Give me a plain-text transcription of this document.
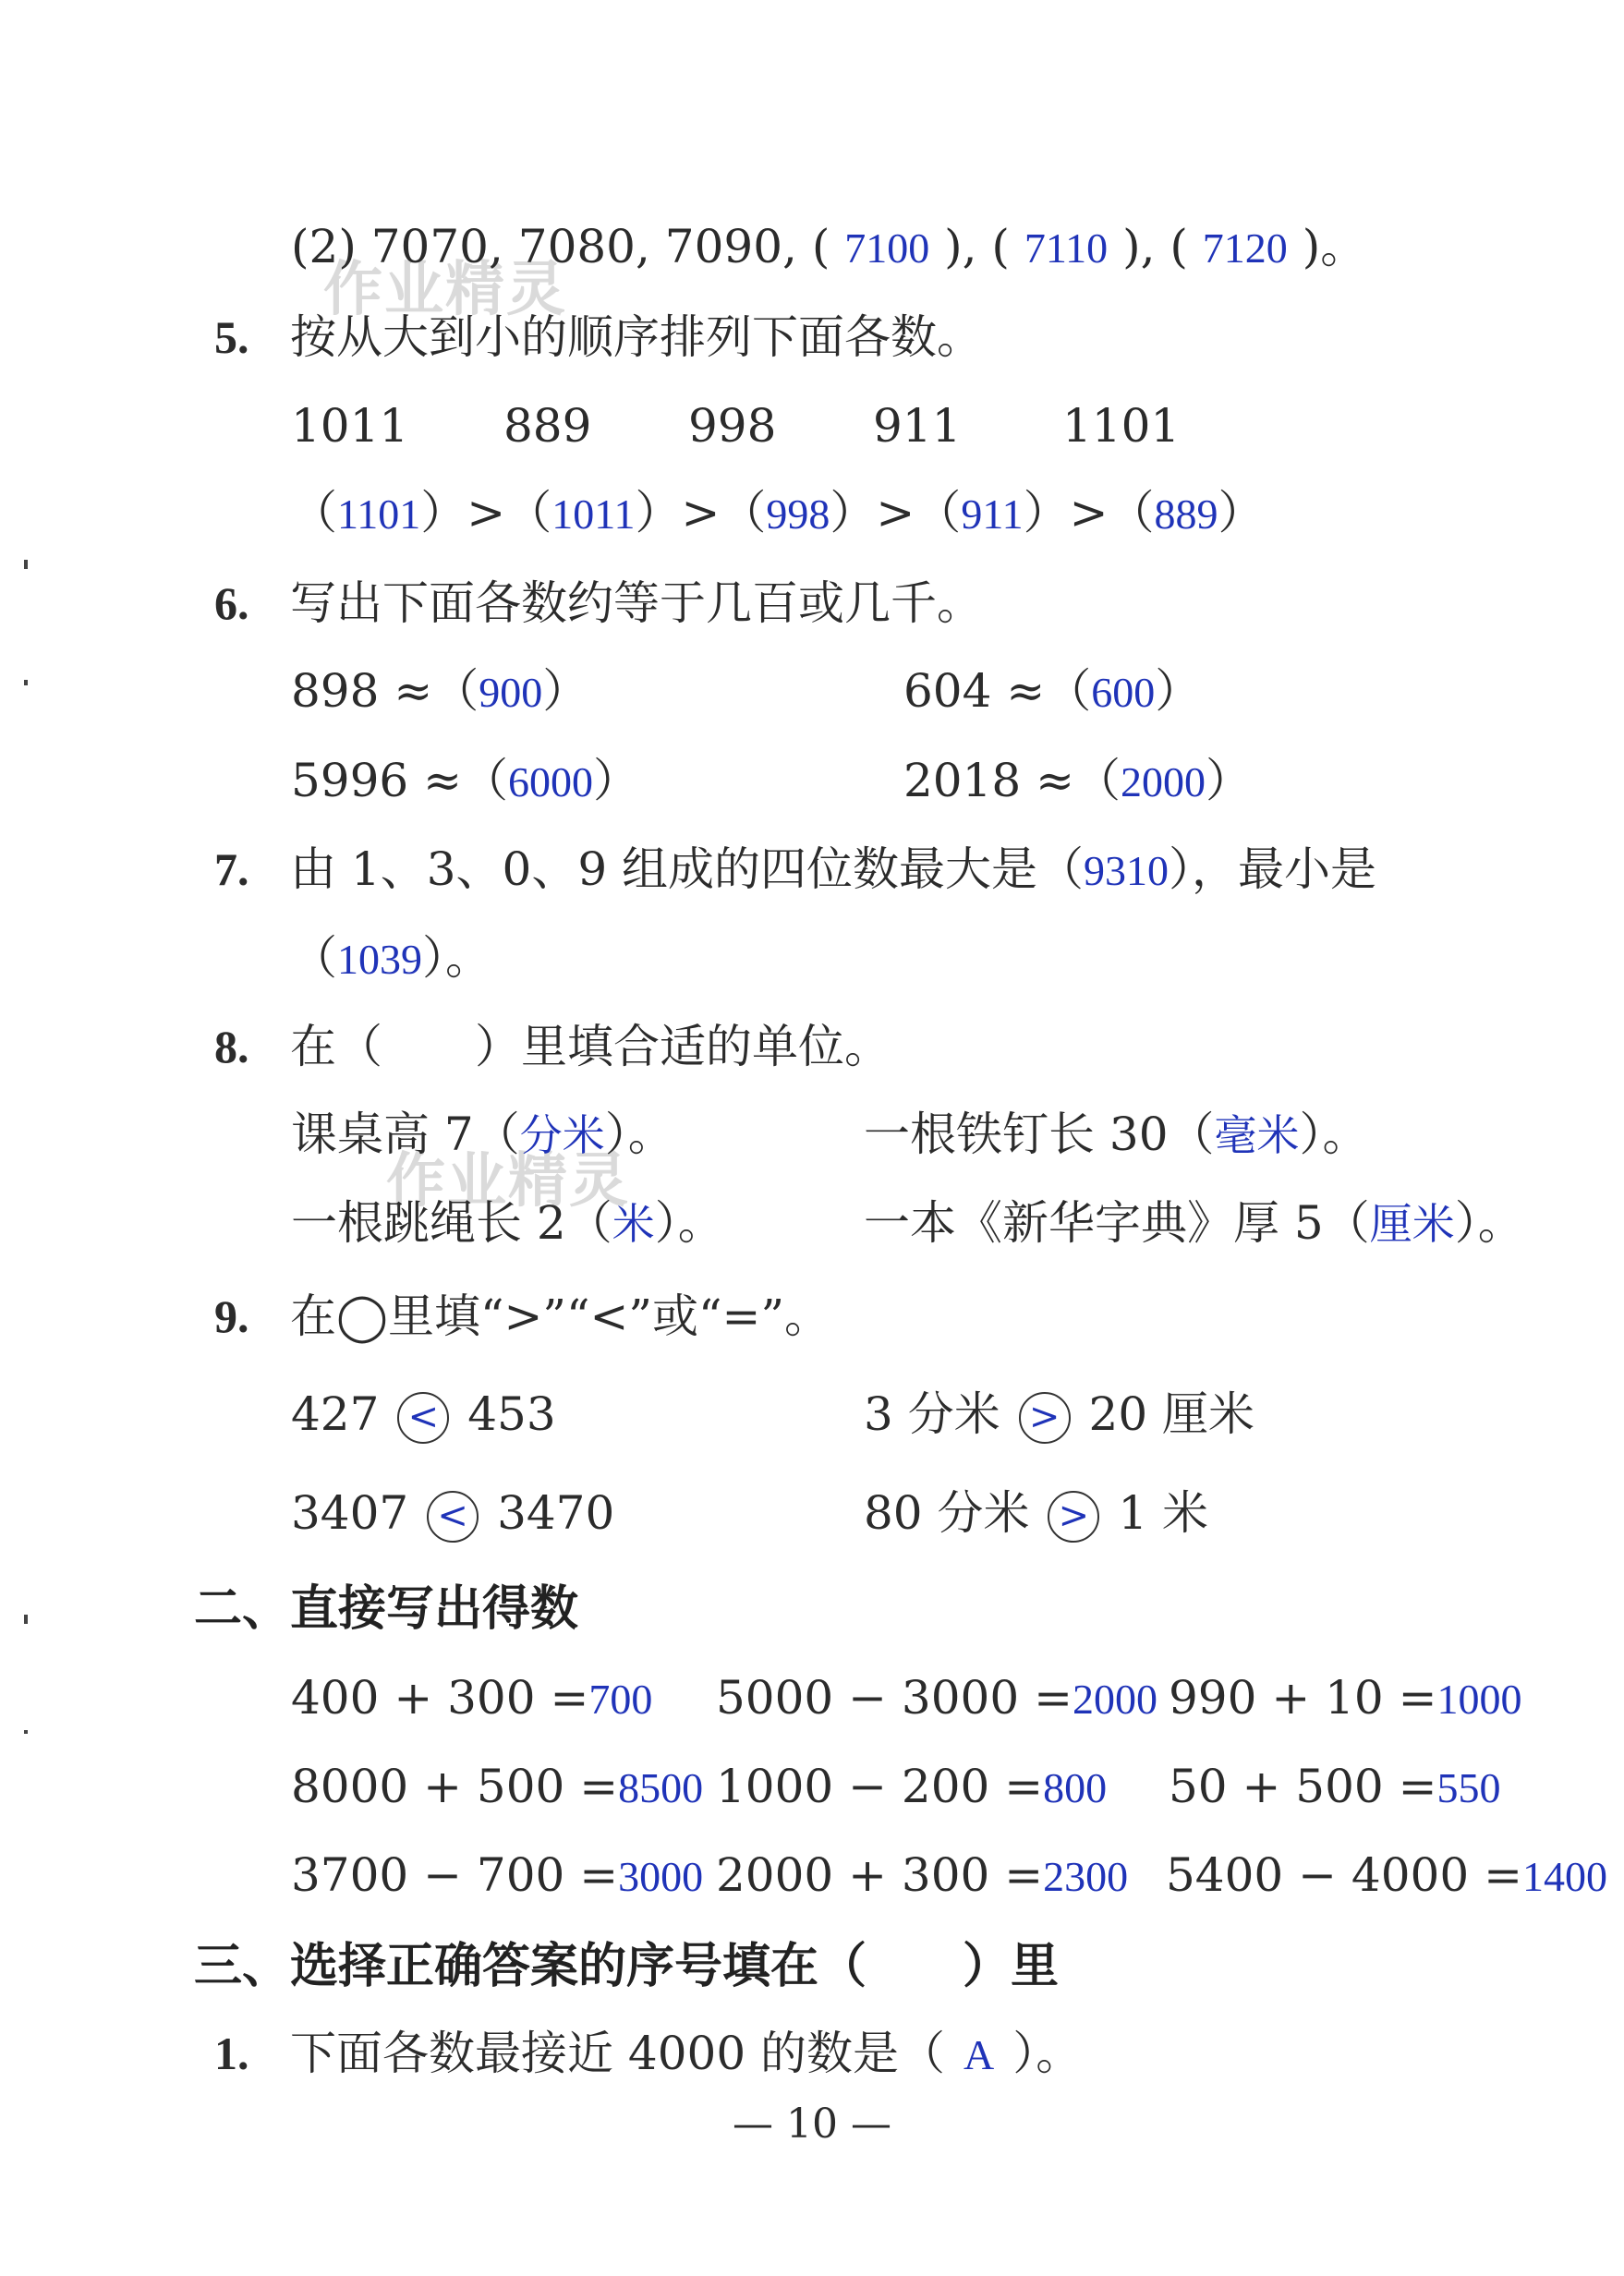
作业精灵
作业精灵
(2) 7070, 7080, 7090, ( 7100 ), ( 7110 ), ( 7120 )。
5. 按从大到小的顺序排列下面各数。
1011 889 998 911 1101
（1101）>（1011）>（998）>（911）>（889）
6. 写出下面各数约等于几百或几千。
898 ≈（900）	604 ≈（600）
5996 ≈（6000）	2018 ≈（2000）
7. 由 1、3、0、9 组成的四位数最大是（9310），最小是
（1039）。
8. 在（　　）里填合适的单位。
课桌高 7（分米）。	一根铁钉长 30（毫米）。
一根跳绳长 2（米）。	一本《新华字典》厚 5（厘米）。
9. 在◯里填“>”“<”或“=”。
427 < 453	3 分米 > 20 厘米
3407 < 3470	80 分米 > 1 米
二、直接写出得数
400 + 300 =700 5000 − 3000 =2000 990 + 10 =1000
8000 + 500 =8500 1000 − 200 =800 50 + 500 =550
3700 − 700 =3000 2000 + 300 =2300 5400 − 4000 =1400
三、选择正确答案的序号填在（　　）里
1. 下面各数最接近 4000 的数是（ A ）。
— 10 —
